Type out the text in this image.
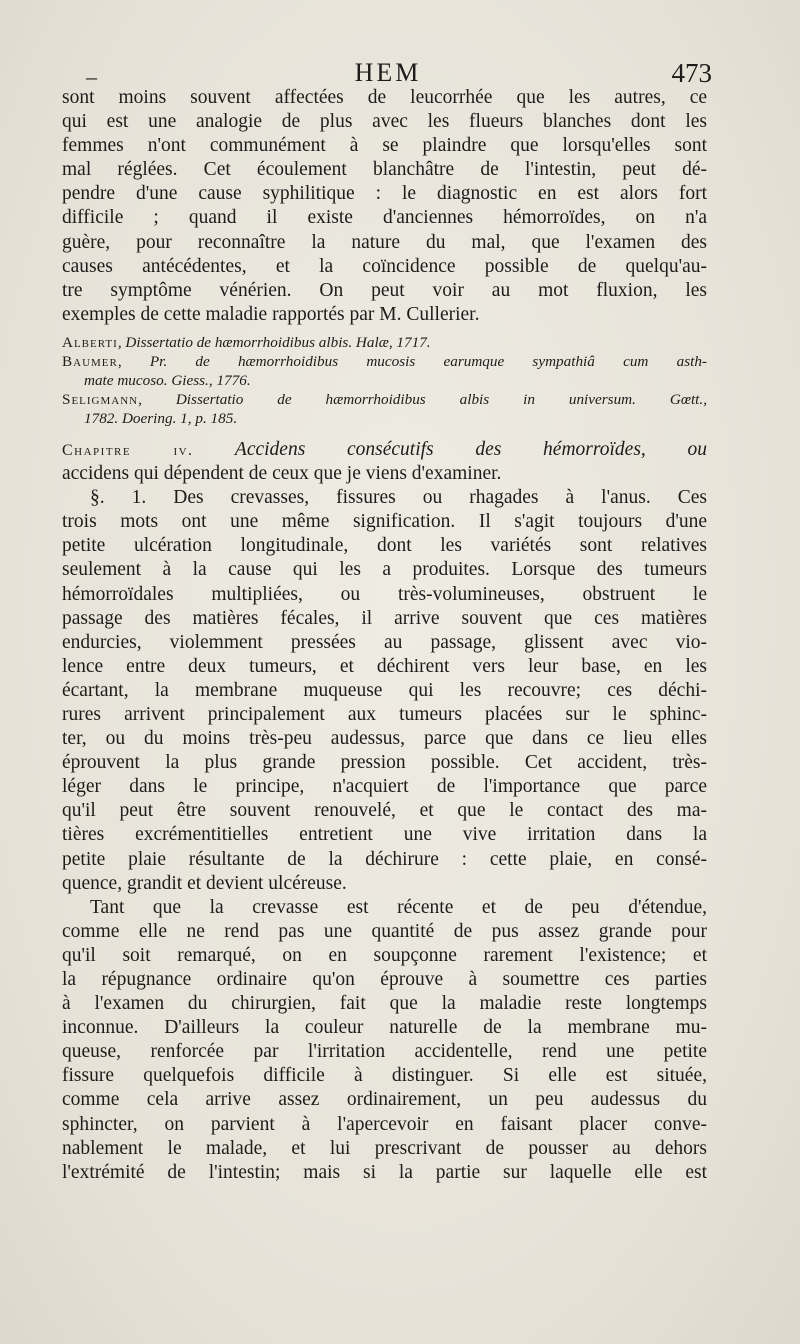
–	HEM	473
sont moins souvent affectées de leucorrhée que les autres, ce
qui est une analogie de plus avec les flueurs blanches dont les
femmes n'ont communément à se plaindre que lorsqu'elles sont
mal réglées. Cet écoulement blanchâtre de l'intestin, peut dé-
pendre d'une cause syphilitique : le diagnostic en est alors fort
difficile ; quand il existe d'anciennes hémorroïdes, on n'a
guère, pour reconnaître la nature du mal, que l'examen des
causes antécédentes, et la coïncidence possible de quelqu'au-
tre symptôme vénérien. On peut voir au mot fluxion, les
exemples de cette maladie rapportés par M. Cullerier.
Alberti, Dissertatio de hæmorrhoidibus albis. Halæ, 1717.
Baumer, Pr. de hæmorrhoidibus mucosis earumque sympathiâ cum asth-
mate mucoso. Giess., 1776.
Seligmann, Dissertatio de hæmorrhoidibus albis in universum. Gœtt.,
1782. Doering. 1, p. 185.
Chapitre iv. Accidens consécutifs des hémorroïdes, ou
accidens qui dépendent de ceux que je viens d'examiner.
§. 1. Des crevasses, fissures ou rhagades à l'anus. Ces
trois mots ont une même signification. Il s'agit toujours d'une
petite ulcération longitudinale, dont les variétés sont relatives
seulement à la cause qui les a produites. Lorsque des tumeurs
hémorroïdales multipliées, ou très-volumineuses, obstruent le
passage des matières fécales, il arrive souvent que ces matières
endurcies, violemment pressées au passage, glissent avec vio-
lence entre deux tumeurs, et déchirent vers leur base, en les
écartant, la membrane muqueuse qui les recouvre; ces déchi-
rures arrivent principalement aux tumeurs placées sur le sphinc-
ter, ou du moins très-peu audessus, parce que dans ce lieu elles
éprouvent la plus grande pression possible. Cet accident, très-
léger dans le principe, n'acquiert de l'importance que parce
qu'il peut être souvent renouvelé, et que le contact des ma-
tières excrémentitielles entretient une vive irritation dans la
petite plaie résultante de la déchirure : cette plaie, en consé-
quence, grandit et devient ulcéreuse.
Tant que la crevasse est récente et de peu d'étendue,
comme elle ne rend pas une quantité de pus assez grande pour
qu'il soit remarqué, on en soupçonne rarement l'existence; et
la répugnance ordinaire qu'on éprouve à soumettre ces parties
à l'examen du chirurgien, fait que la maladie reste longtemps
inconnue. D'ailleurs la couleur naturelle de la membrane mu-
queuse, renforcée par l'irritation accidentelle, rend une petite
fissure quelquefois difficile à distinguer. Si elle est située,
comme cela arrive assez ordinairement, un peu audessus du
sphincter, on parvient à l'apercevoir en faisant placer conve-
nablement le malade, et lui prescrivant de pousser au dehors
l'extrémité de l'intestin; mais si la partie sur laquelle elle est
